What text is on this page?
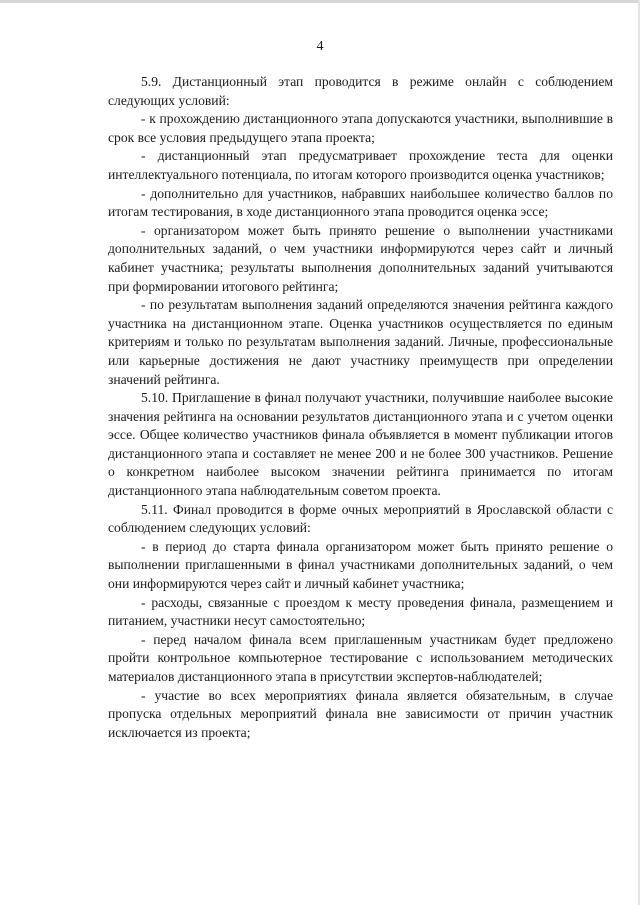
4

5.9. Дистанционный этап проводится в режиме онлайн с соблюдением следующих условий:

- к прохождению дистанционного этапа допускаются участники, выполнившие в срок все условия предыдущего этапа проекта;

- дистанционный этап предусматривает прохождение теста для оценки интеллектуального потенциала, по итогам которого производится оценка участников;

- дополнительно для участников, набравших наибольшее количество баллов по итогам тестирования, в ходе дистанционного этапа проводится оценка эссе;

- организатором может быть принято решение о выполнении участниками дополнительных заданий, о чем участники информируются через сайт и личный кабинет участника; результаты выполнения дополнительных заданий учитываются при формировании итогового рейтинга;

- по результатам выполнения заданий определяются значения рейтинга каждого участника на дистанционном этапе. Оценка участников осуществляется по единым критериям и только по результатам выполнения заданий. Личные, профессиональные или карьерные достижения не дают участнику преимуществ при определении значений рейтинга.

5.10. Приглашение в финал получают участники, получившие наиболее высокие значения рейтинга на основании результатов дистанционного этапа и с учетом оценки эссе. Общее количество участников финала объявляется в момент публикации итогов дистанционного этапа и составляет не менее 200 и не более 300 участников. Решение о конкретном наиболее высоком значении рейтинга принимается по итогам дистанционного этапа наблюдательным советом проекта.

5.11. Финал проводится в форме очных мероприятий в Ярославской области с соблюдением следующих условий:

- в период до старта финала организатором может быть принято решение о выполнении приглашенными в финал участниками дополнительных заданий, о чем они информируются через сайт и личный кабинет участника;

- расходы, связанные с проездом к месту проведения финала, размещением и питанием, участники несут самостоятельно;

- перед началом финала всем приглашенным участникам будет предложено пройти контрольное компьютерное тестирование с использованием методических материалов дистанционного этапа в присутствии экспертов-наблюдателей;

- участие во всех мероприятиях финала является обязательным, в случае пропуска отдельных мероприятий финала вне зависимости от причин участник исключается из проекта;
